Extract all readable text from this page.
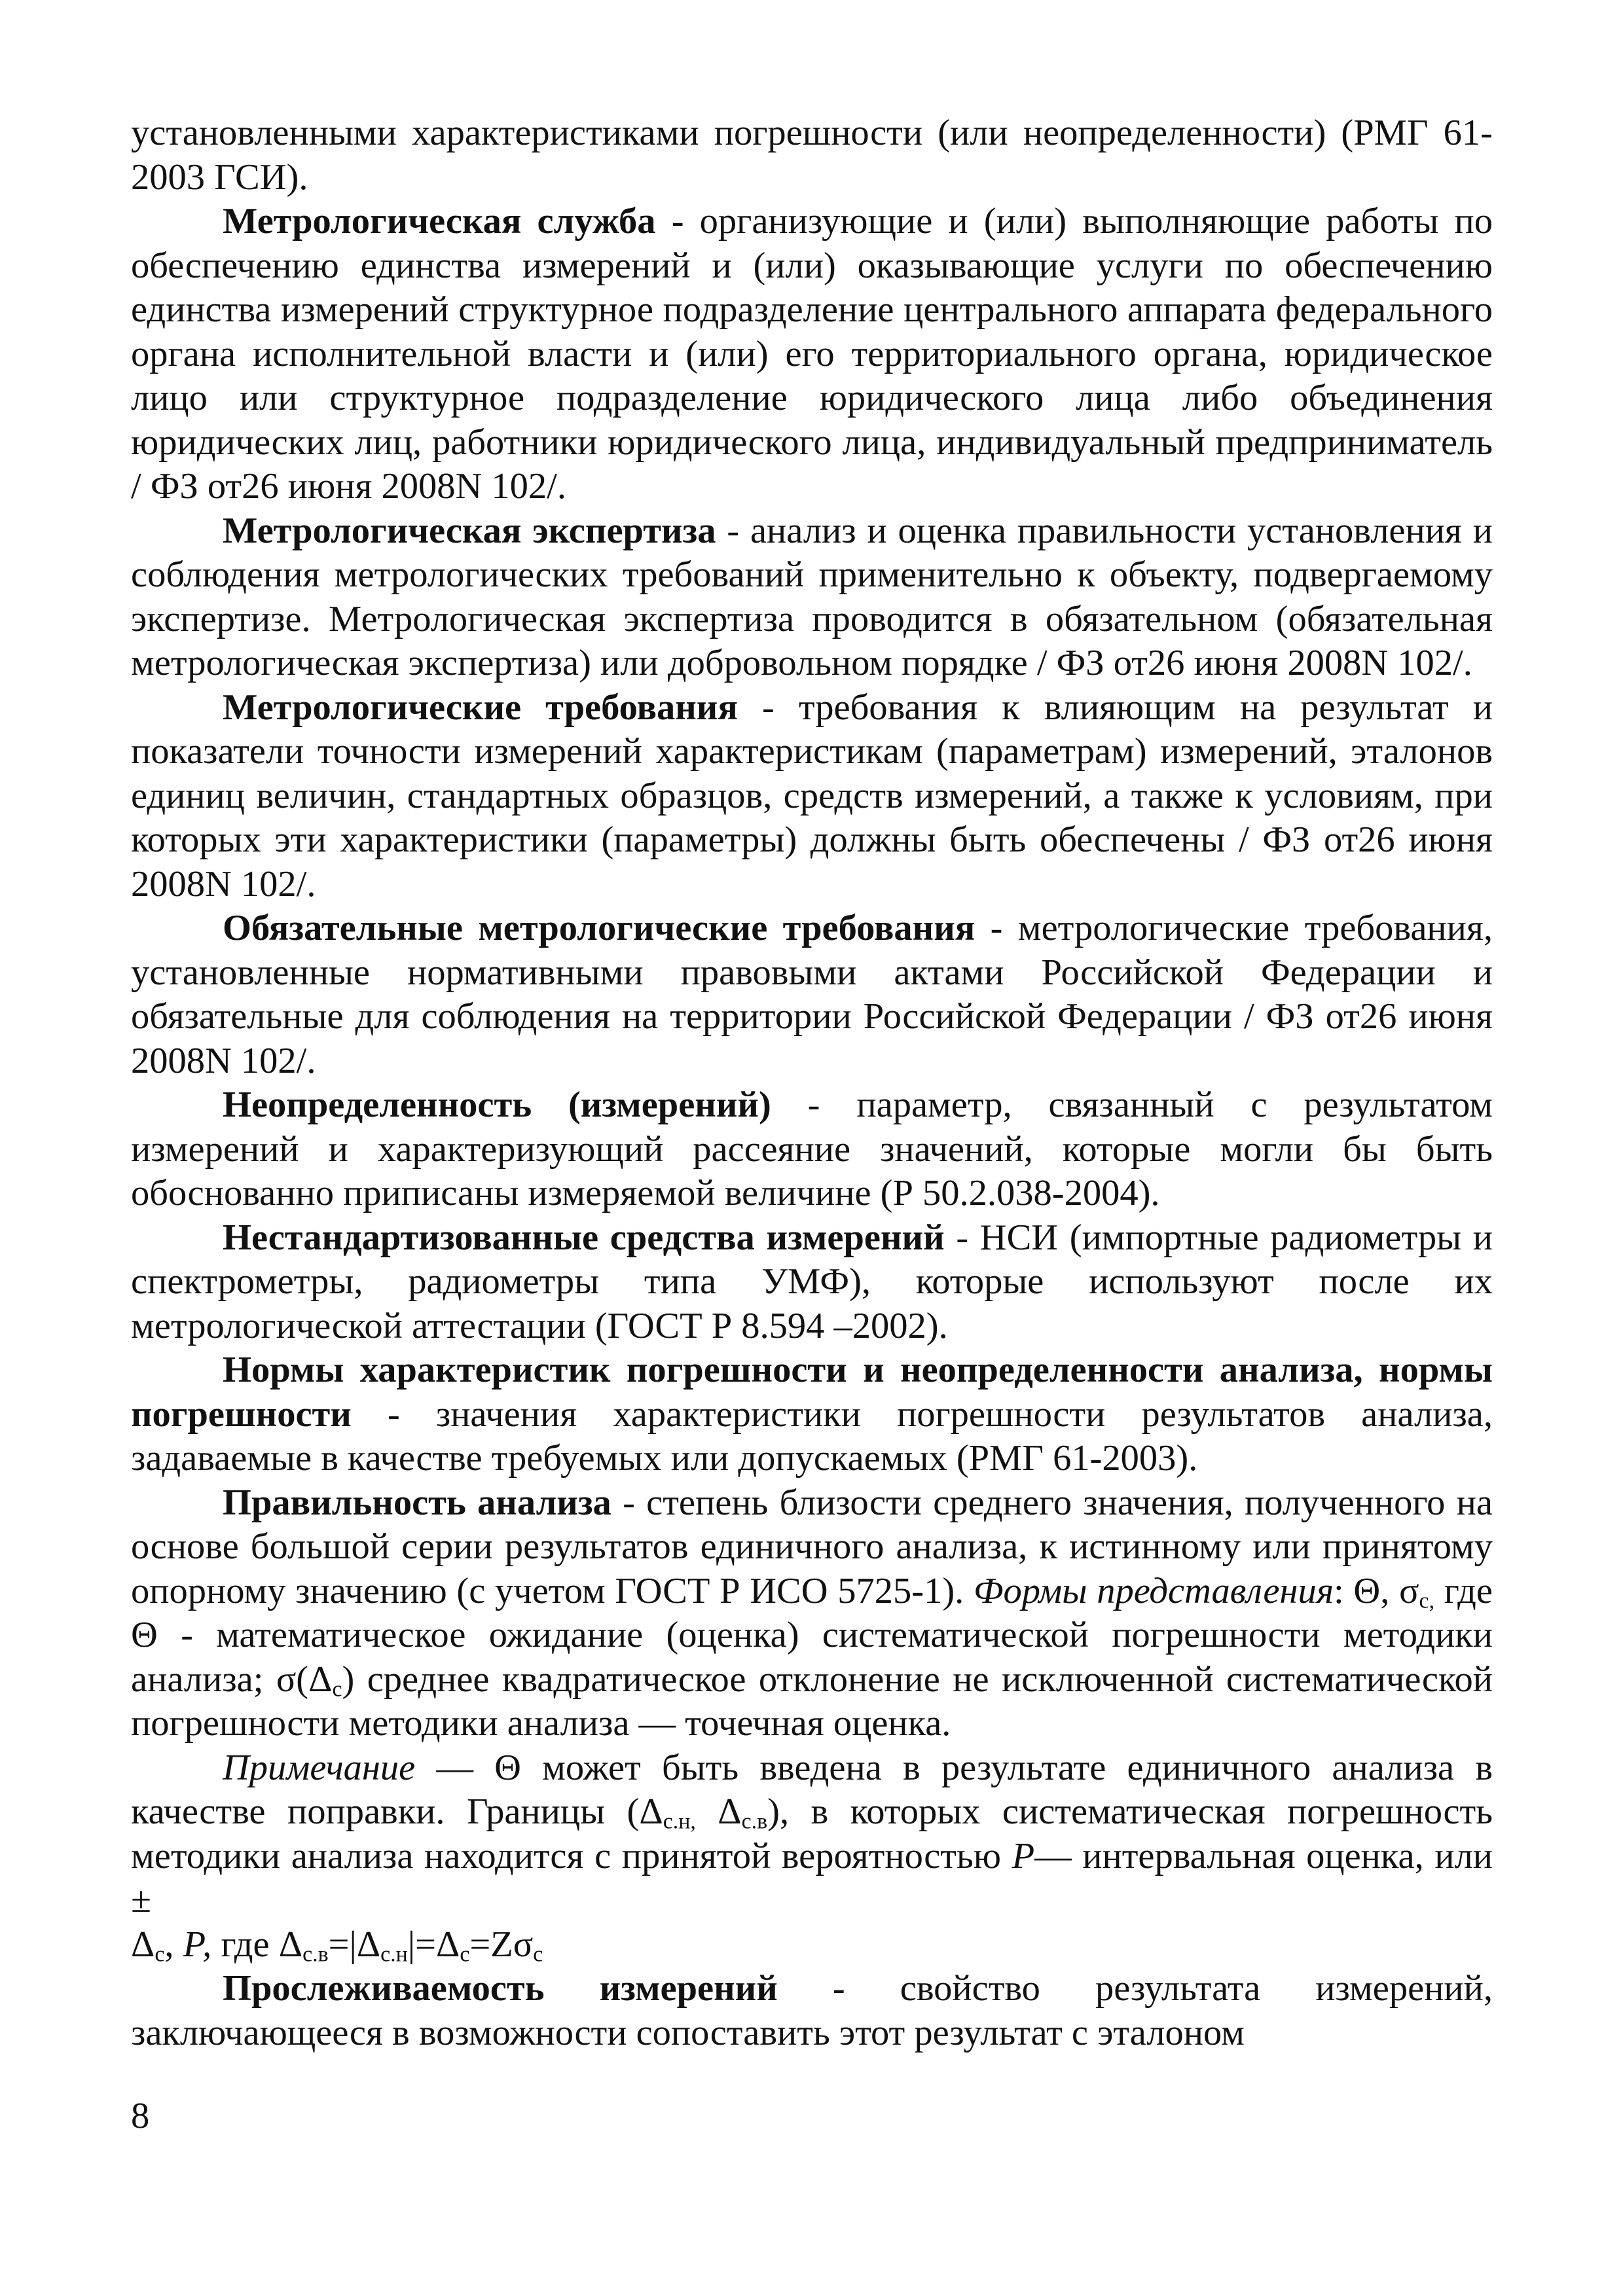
установленными характеристиками погрешности (или неопределенности) (РМГ 61-2003 ГСИ).

Метрологическая служба - организующие и (или) выполняющие работы по обеспечению единства измерений и (или) оказывающие услуги по обеспечению единства измерений структурное подразделение центрального аппарата федерального органа исполнительной власти и (или) его территориального органа, юридическое лицо или структурное подразделение юридического лица либо объединения юридических лиц, работники юридического лица, индивидуальный предприниматель / ФЗ от26 июня 2008N 102/.

Метрологическая экспертиза - анализ и оценка правильности установления и соблюдения метрологических требований применительно к объекту, подвергаемому экспертизе. Метрологическая экспертиза проводится в обязательном (обязательная метрологическая экспертиза) или добровольном порядке / ФЗ от26 июня 2008N 102/.

Метрологические требования - требования к влияющим на результат и показатели точности измерений характеристикам (параметрам) измерений, эталонов единиц величин, стандартных образцов, средств измерений, а также к условиям, при которых эти характеристики (параметры) должны быть обеспечены / ФЗ от26 июня 2008N 102/.

Обязательные метрологические требования - метрологические требования, установленные нормативными правовыми актами Российской Федерации и обязательные для соблюдения на территории Российской Федерации / ФЗ от26 июня 2008N 102/.

Неопределенность (измерений) - параметр, связанный с результатом измерений и характеризующий рассеяние значений, которые могли бы быть обоснованно приписаны измеряемой величине (Р 50.2.038-2004).

Нестандартизованные средства измерений - НСИ (импортные радиометры и спектрометры, радиометры типа УМФ), которые используют после их метрологической аттестации (ГОСТ Р 8.594 –2002).

Нормы характеристик погрешности и неопределенности анализа, нормы погрешности - значения характеристики погрешности результатов анализа, задаваемые в качестве требуемых или допускаемых (РМГ 61-2003).

Правильность анализа - степень близости среднего значения, полученного на основе большой серии результатов единичного анализа, к истинному или принятому опорному значению (с учетом ГОСТ Р ИСО 5725-1). Формы представления: Θ, $\sigma_{с,}$ где Θ - математическое ожидание (оценка) систематической погрешности методики анализа; $\sigma(\Delta_с)$ среднее квадратическое отклонение не исключенной систематической погрешности методики анализа — точечная оценка.

Примечание — Θ может быть введена в результате единичного анализа в качестве поправки. Границы ($\Delta_{с.н,}$ $\Delta_{с.в}$), в которых систематическая погрешность методики анализа находится с принятой вероятностью Р— интервальная оценка, или ±

$\Delta_с$, Р, где $\Delta_{с.в}=|\Delta_{с.н}|=\Delta_с=Z\sigma_с$

Прослеживаемость измерений - свойство результата измерений, заключающееся в возможности сопоставить этот результат с эталоном

8
